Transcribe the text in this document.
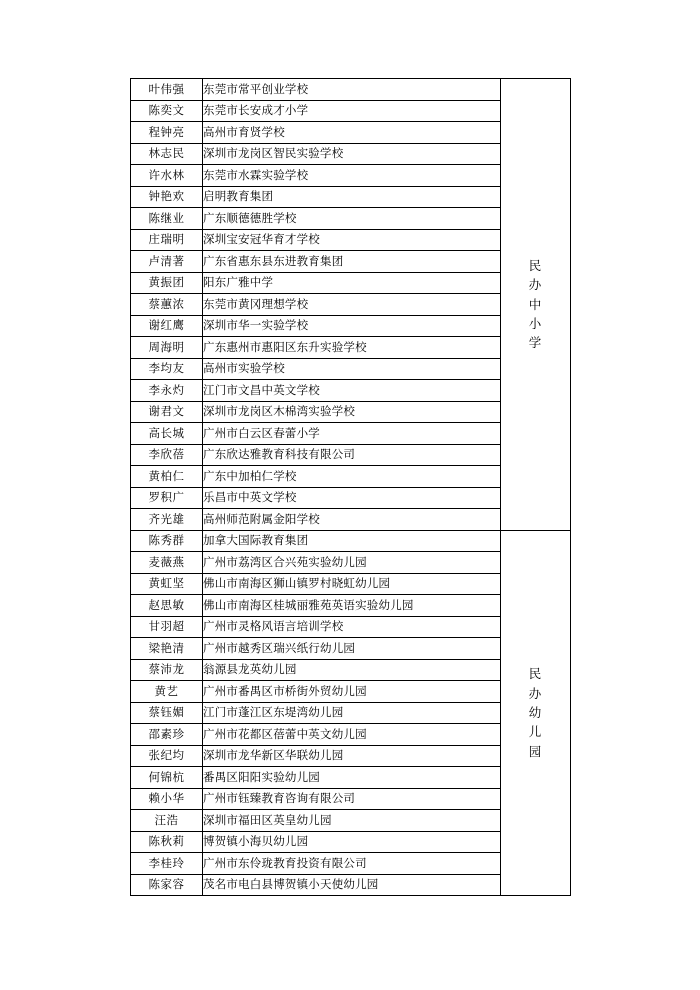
叶伟强	东莞市常平创业学校	民
办
中
小
学

陈奕文	东莞市长安成才小学	
程钟亮	高州市育贤学校	
林志民	深圳市龙岗区智民实验学校	
许水林	东莞市水霖实验学校	
钟艳欢	启明教育集团	
陈继业	广东顺德德胜学校	
庄瑞明	深圳宝安冠华育才学校	
卢清著	广东省惠东县东进教育集团	
黄振团	阳东广雅中学	
蔡蕙浓	东莞市黄冈理想学校	
谢红鹰	深圳市华一实验学校	
周海明	广东惠州市惠阳区东升实验学校	
李均友	高州市实验学校	
李永灼	江门市文昌中英文学校	
谢君文	深圳市龙岗区木棉湾实验学校	
高长城	广州市白云区春蕾小学	
李欣蓓	广东欣达雅教育科技有限公司	
黄柏仁	广东中加柏仁学校	
罗积广	乐昌市中英文学校	
齐光雄	高州师范附属金阳学校	
陈秀群	加拿大国际教育集团	民
办
幼
儿
园

麦薇燕	广州市荔湾区合兴苑实验幼儿园	
黄虹坚	佛山市南海区狮山镇罗村晓虹幼儿园	
赵思敏	佛山市南海区桂城丽雅苑英语实验幼儿园	
甘羽超	广州市灵格风语言培训学校	
梁艳清	广州市越秀区瑞兴纸行幼儿园	
蔡沛龙	翁源县龙英幼儿园	
黄艺	广州市番禺区市桥街外贸幼儿园	
蔡钰媚	江门市蓬江区东堤湾幼儿园	
邵素珍	广州市花都区蓓蕾中英文幼儿园	
张纪均	深圳市龙华新区华联幼儿园	
何锦杭	番禺区阳阳实验幼儿园	
赖小华	广州市钰臻教育咨询有限公司	
汪浩	深圳市福田区英皇幼儿园	
陈秋莉	博贺镇小海贝幼儿园	
李桂玲	广州市东伶珑教育投资有限公司	
陈家容	茂名市电白县博贺镇小天使幼儿园	
